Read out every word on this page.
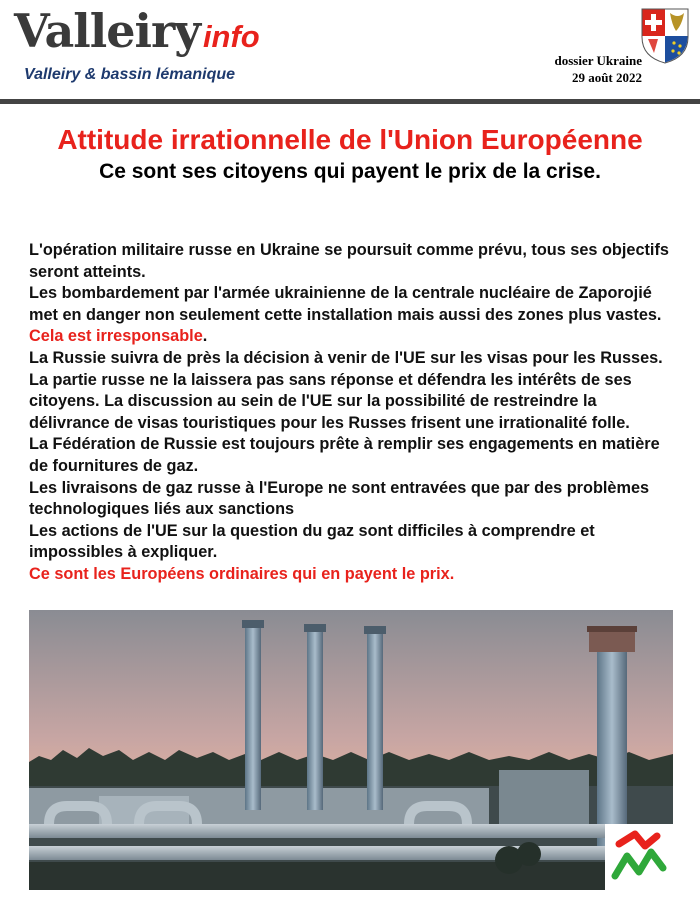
Valleiryinfo
Valleiry & bassin lémanique
dossier Ukraine
29 août 2022
Attitude irrationnelle de l'Union Européenne
Ce sont ses citoyens qui payent le prix de la crise.

L'opération militaire russe en Ukraine se poursuit comme prévu, tous ses objectifs seront atteints.

Les bombardement par l'armée ukrainienne de la centrale nucléaire de Zaporojié met en danger non seulement cette installation mais aussi des zones plus vastes. Cela est irresponsable.

La Russie suivra de près la décision à venir de l'UE sur les visas pour les Russes. La partie russe ne la laissera pas sans réponse et défendra les intérêts de ses citoyens. La discussion au sein de l'UE sur la possibilité de restreindre la délivrance de visas touristiques pour les Russes frisent une irrationalité folle.

La Fédération de Russie est toujours prête à remplir ses engagements en matière de fournitures de gaz.

Les livraisons de gaz russe à l'Europe ne sont entravées que par des problèmes technologiques liés aux sanctions

Les actions de l'UE sur la question du gaz sont difficiles à comprendre et impossibles à expliquer.

Ce sont les Européens ordinaires qui en payent le prix.
